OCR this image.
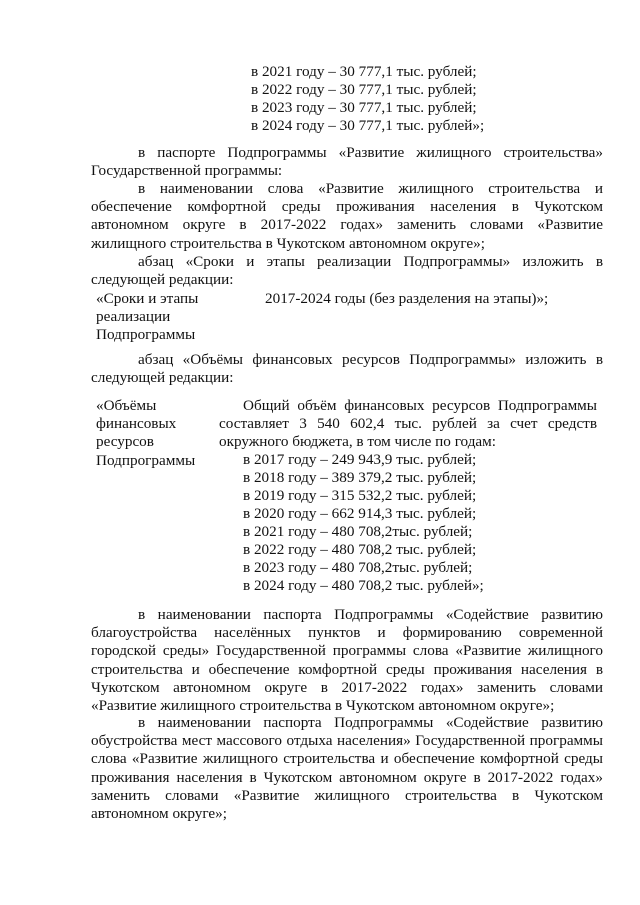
в 2021 году – 30 777,1 тыс. рублей;
в 2022 году – 30 777,1 тыс. рублей;
в 2023 году – 30 777,1 тыс. рублей;
в 2024 году – 30 777,1 тыс. рублей»;
в паспорте Подпрограммы «Развитие жилищного строительства»
Государственной программы:
в наименовании слова «Развитие жилищного строительства и
обеспечение комфортной среды проживания населения в Чукотском
автономном округе в 2017-2022 годах» заменить словами «Развитие
жилищного строительства в Чукотском автономном округе»;
абзац «Сроки и этапы реализации Подпрограммы» изложить в
следующей редакции:
«Сроки и этапы
реализации
Подпрограммы
2017-2024 годы (без разделения на этапы)»;
абзац «Объёмы финансовых ресурсов Подпрограммы» изложить в
следующей редакции:
«Объёмы
финансовых
ресурсов
Подпрограммы
Общий объём финансовых ресурсов Подпрограммы
составляет 3 540 602,4 тыс. рублей за счет средств
окружного бюджета, в том числе по годам:
в 2017 году – 249 943,9 тыс. рублей;
в 2018 году – 389 379,2 тыс. рублей;
в 2019 году – 315 532,2 тыс. рублей;
в 2020 году – 662 914,3 тыс. рублей;
в 2021 году – 480 708,2тыс. рублей;
в 2022 году – 480 708,2 тыс. рублей;
в 2023 году – 480 708,2тыс. рублей;
в 2024 году – 480 708,2 тыс. рублей»;
в наименовании паспорта Подпрограммы «Содействие развитию
благоустройства населённых пунктов и формированию современной
городской среды» Государственной программы слова «Развитие жилищного
строительства и обеспечение комфортной среды проживания населения в
Чукотском автономном округе в 2017-2022 годах» заменить словами
«Развитие жилищного строительства в Чукотском автономном округе»;
в наименовании паспорта Подпрограммы «Содействие развитию
обустройства мест массового отдыха населения» Государственной программы
слова «Развитие жилищного строительства и обеспечение комфортной среды
проживания населения в Чукотском автономном округе в 2017-2022 годах»
заменить словами «Развитие жилищного строительства в Чукотском
автономном округе»;
